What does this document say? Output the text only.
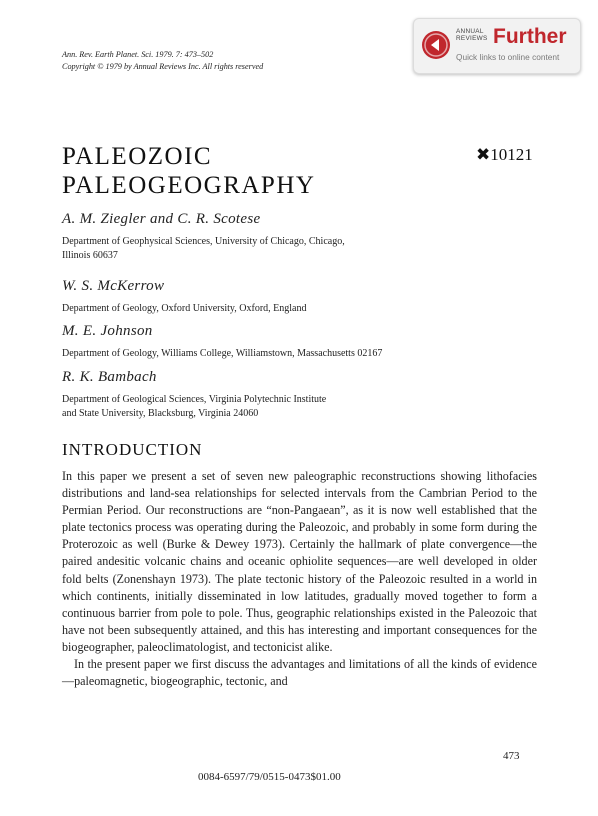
Ann. Rev. Earth Planet. Sci. 1979. 7: 473–502
Copyright © 1979 by Annual Reviews Inc. All rights reserved
ANNUAL
REVIEWS Further
Quick links to online content
PALEOZOIC
PALEOGEOGRAPHY
✖10121
A. M. Ziegler and C. R. Scotese
Department of Geophysical Sciences, University of Chicago, Chicago,
Illinois 60637
W. S. McKerrow
Department of Geology, Oxford University, Oxford, England
M. E. Johnson
Department of Geology, Williams College, Williamstown, Massachusetts 02167
R. K. Bambach
Department of Geological Sciences, Virginia Polytechnic Institute
and State University, Blacksburg, Virginia 24060
INTRODUCTION

In this paper we present a set of seven new paleographic reconstructions showing lithofacies distributions and land-sea relationships for selected intervals from the Cambrian Period to the Permian Period. Our reconstructions are “non-Pangaean”, as it is now well established that the plate tectonics process was operating during the Paleozoic, and probably in some form during the Proterozoic as well (Burke & Dewey 1973). Certainly the hallmark of plate convergence—the paired andesitic volcanic chains and oceanic ophiolite sequences—are well developed in older fold belts (Zonenshayn 1973). The plate tectonic history of the Paleozoic resulted in a world in which continents, initially disseminated in low latitudes, gradually moved together to form a continuous barrier from pole to pole. Thus, geographic relationships existed in the Paleozoic that have not been subsequently attained, and this has interesting and important consequences for the biogeographer, paleoclimatologist, and tectonicist alike.

In the present paper we first discuss the advantages and limitations of all the kinds of evidence—paleomagnetic, biogeographic, tectonic, and

473
0084-6597/79/0515-0473$01.00
